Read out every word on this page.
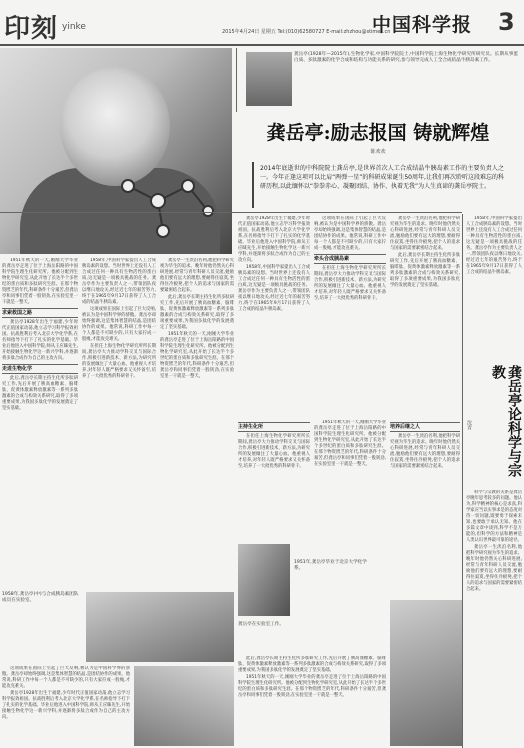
印刻 yinke	2015年4月24日 星期五 Tel:(010)62580727 E-mail:zhzhou@stimes.cn
中国科学报 3
龚岳亭(1928年—2015年),生物化学家,中国科学院院士,中国科学院上海生物化学研究所研究员。长期从事蛋白质、多肽激素的化学合成和结构与功能关系的研究,参与领导完成人工全合成结晶牛胰岛素工作。
龚岳亭:励志报国 铸就辉煌
陈欢欢
2014年底逝世的中科院院士龚岳亭,是世界首次人工合成结晶牛胰岛素工作的主要负责人之一。今年正逢这项可以比肩“两弹一星”的科研成果诞生50周年,让我们再次聆听这段难忘的科研历程,以此缅怀以“拳拳赤心、凝聚团结、协作、执着无我”为人生真谛的龚岳亭院士。

1951年秋天的一天,刚刚大学毕业的龚岳亭走进了位于上海岳阳路的中国科学院生理生化研究所。他被分配到生物化学研究室,从此开始了长达半个多世纪的蛋白质和多肽研究生涯。在那个物资匮乏的年代,科研条件十分艰苦,但龚岳亭和同事们凭着一股韧劲,在实验室里一干就是一整天。

求索救国之路

龚岳亭1928年出生于福建,少年时代正值国家动荡,他立志学习科学报效祖国。抗战胜利后考入北京大学化学系,在名师指导下打下了扎实的化学基础。毕业后他进入中国科学院,师从王应睐先生,开始接触生物化学这一新兴学科,并逐渐将多肽合成作为自己的主攻方向。

走进生物化学

此后,龚岳亭长期主持生化所多肽研究工作,先后开展了胰高血糖素、脑啡肽、促黄体激素释放激素等一系列多肽激素的合成与构效关系研究,取得了多项重要成果,为我国多肽化学的发展奠定了坚实基础。

1958年,中国科学家提出人工合成胰岛素的设想。当时世界上还没有人工合成过任何一种具有生物活性的蛋白质,这无疑是一项极具挑战的任务。龚岳亭作为主要负责人之一,带领团队夜以继日地攻关,经过近七年的艰苦努力,终于在1965年9月17日获得了人工合成的结晶牛胰岛素。

这项成果在国际上引起了巨大反响,被认为是中国科学界的骄傲。龚岳亭却始终强调,这是集体智慧的结晶,是团结协作的成果。他常说,科研工作中每一个人都是不可缺少的,只有大家拧成一股绳,才能攻克难关。

在担任上海生物化学研究所所长期间,龚岳亭大力推动学科交叉与国际合作,积极引进新技术、新方法,为研究所的发展倾注了大量心血。他重视人才培养,对年轻人既严格要求又关怀备至,培养了一大批优秀的科研骨干。

龚岳亭一生淡泊名利,他把科学研究视为毕生的追求。晚年时他仍然关心科研进展,经常与青年科研人员交流,勉励他们要有远大的理想,要耐得住寂寞,坐得住冷板凳,把个人的追求与国家的需要紧密结合起来。

此后,龚岳亭长期主持生化所多肽研究工作,先后开展了胰高血糖素、脑啡肽、促黄体激素释放激素等一系列多肽激素的合成与构效关系研究,取得了多项重要成果,为我国多肽化学的发展奠定了坚实基础。

1951年秋天的一天,刚刚大学毕业的龚岳亭走进了位于上海岳阳路的中国科学院生理生化研究所。他被分配到生物化学研究室,从此开始了长达半个多世纪的蛋白质和多肽研究生涯。在那个物资匮乏的年代,科研条件十分艰苦,但龚岳亭和同事们凭着一股韧劲,在实验室里一干就是一整天。

龚岳亭1928年出生于福建,少年时代正值国家动荡,他立志学习科学报效祖国。抗战胜利后考入北京大学化学系,在名师指导下打下了扎实的化学基础。毕业后他进入中国科学院,师从王应睐先生,开始接触生物化学这一新兴学科,并逐渐将多肽合成作为自己的主攻方向。

1958年,中国科学家提出人工合成胰岛素的设想。当时世界上还没有人工合成过任何一种具有生物活性的蛋白质,这无疑是一项极具挑战的任务。龚岳亭作为主要负责人之一,带领团队夜以继日地攻关,经过近七年的艰苦努力,终于在1965年9月17日获得了人工合成的结晶牛胰岛素。

这项成果在国际上引起了巨大反响,被认为是中国科学界的骄傲。龚岳亭却始终强调,这是集体智慧的结晶,是团结协作的成果。他常说,科研工作中每一个人都是不可缺少的,只有大家拧成一股绳,才能攻克难关。

牵头合成胰岛素

在担任上海生物化学研究所所长期间,龚岳亭大力推动学科交叉与国际合作,积极引进新技术、新方法,为研究所的发展倾注了大量心血。他重视人才培养,对年轻人既严格要求又关怀备至,培养了一大批优秀的科研骨干。

龚岳亭一生淡泊名利,他把科学研究视为毕生的追求。晚年时他仍然关心科研进展,经常与青年科研人员交流,勉励他们要有远大的理想,要耐得住寂寞,坐得住冷板凳,把个人的追求与国家的需要紧密结合起来。

此后,龚岳亭长期主持生化所多肽研究工作,先后开展了胰高血糖素、脑啡肽、促黄体激素释放激素等一系列多肽激素的合成与构效关系研究,取得了多项重要成果,为我国多肽化学的发展奠定了坚实基础。

1958年,中国科学家提出人工合成胰岛素的设想。当时世界上还没有人工合成过任何一种具有生物活性的蛋白质,这无疑是一项极具挑战的任务。龚岳亭作为主要负责人之一,带领团队夜以继日地攻关,经过近七年的艰苦努力,终于在1965年9月17日获得了人工合成的结晶牛胰岛素。

主持生化所

在担任上海生物化学研究所所长期间,龚岳亭大力推动学科交叉与国际合作,积极引进新技术、新方法,为研究所的发展倾注了大量心血。他重视人才培养,对年轻人既严格要求又关怀备至,培养了一大批优秀的科研骨干。

1951年秋天的一天,刚刚大学毕业的龚岳亭走进了位于上海岳阳路的中国科学院生理生化研究所。他被分配到生物化学研究室,从此开始了长达半个多世纪的蛋白质和多肽研究生涯。在那个物资匮乏的年代,科研条件十分艰苦,但龚岳亭和同事们凭着一股韧劲,在实验室里一干就是一整天。

培养后继之人

龚岳亭一生淡泊名利,他把科学研究视为毕生的追求。晚年时他仍然关心科研进展,经常与青年科研人员交流,勉励他们要有远大的理想,要耐得住寂寞,坐得住冷板凳,把个人的追求与国家的需要紧密结合起来。	龚岳亭论科学与宗教
沈青

科学与宗教的关系是龚岳亭晚年思考较多的问题。他认为,科学精神的核心是求真,科学家应当以实事求是的态度对待一切问题,既要勇于探索未知,也要敢于承认无知。他在多篇文章中谈到,科学不是万能的,但科学的方法和精神是人类认识世界最可靠的途径。

龚岳亭一生淡泊名利,他把科学研究视为毕生的追求。晚年时他仍然关心科研进展,经常与青年科研人员交流,勉励他们要有远大的理想,要耐得住寂寞,坐得住冷板凳,把个人的追求与国家的需要紧密结合起来。

1958年,龚岳亭(中)与合成胰岛素团队成员在实验室。
1951年,龚岳亭毕业于北京大学化学系。
龚岳亭在实验室工作。

这项成果在国际上引起了巨大反响,被认为是中国科学界的骄傲。龚岳亭却始终强调,这是集体智慧的结晶,是团结协作的成果。他常说,科研工作中每一个人都是不可缺少的,只有大家拧成一股绳,才能攻克难关。

龚岳亭1928年出生于福建,少年时代正值国家动荡,他立志学习科学报效祖国。抗战胜利后考入北京大学化学系,在名师指导下打下了扎实的化学基础。毕业后他进入中国科学院,师从王应睐先生,开始接触生物化学这一新兴学科,并逐渐将多肽合成作为自己的主攻方向。

此后,龚岳亭长期主持生化所多肽研究工作,先后开展了胰高血糖素、脑啡肽、促黄体激素释放激素等一系列多肽激素的合成与构效关系研究,取得了多项重要成果,为我国多肽化学的发展奠定了坚实基础。

1951年秋天的一天,刚刚大学毕业的龚岳亭走进了位于上海岳阳路的中国科学院生理生化研究所。他被分配到生物化学研究室,从此开始了长达半个多世纪的蛋白质和多肽研究生涯。在那个物资匮乏的年代,科研条件十分艰苦,但龚岳亭和同事们凭着一股韧劲,在实验室里一干就是一整天。
